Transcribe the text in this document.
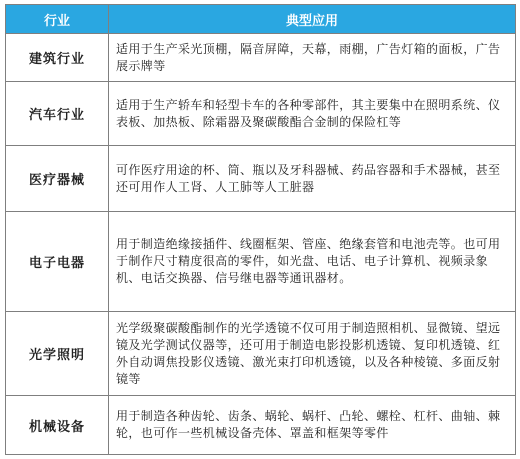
行业	典型应用
建筑行业	适用于生产采光顶棚，隔音屏障，天幕，雨棚，广告灯箱的面板，广告展示牌等
汽车行业	适用于生产轿车和轻型卡车的各种零部件，其主要集中在照明系统、仪表板、加热板、除霜器及聚碳酸酯合金制的保险杠等
医疗器械	可作医疗用途的杯、筒、瓶以及牙科器械、药品容器和手术器械，甚至还可用作人工肾、人工肺等人工脏器
电子电器	用于制造绝缘接插件、线圈框架、管座、绝缘套管和电池壳等。也可用于制作尺寸精度很高的零件，如光盘、电话、电子计算机、视频录象机、电话交换器、信号继电器等通讯器材。
光学照明	光学级聚碳酸酯制作的光学透镜不仅可用于制造照相机、显微镜、望远镜及光学测试仪器等，还可用于制造电影投影机透镜、复印机透镜、红外自动调焦投影仪透镜、激光束打印机透镜，以及各种棱镜、多面反射镜等
机械设备	用于制造各种齿轮、齿条、蜗轮、蜗杆、凸轮、螺栓、杠杆、曲轴、棘轮，也可作一些机械设备壳体、罩盖和框架等零件
